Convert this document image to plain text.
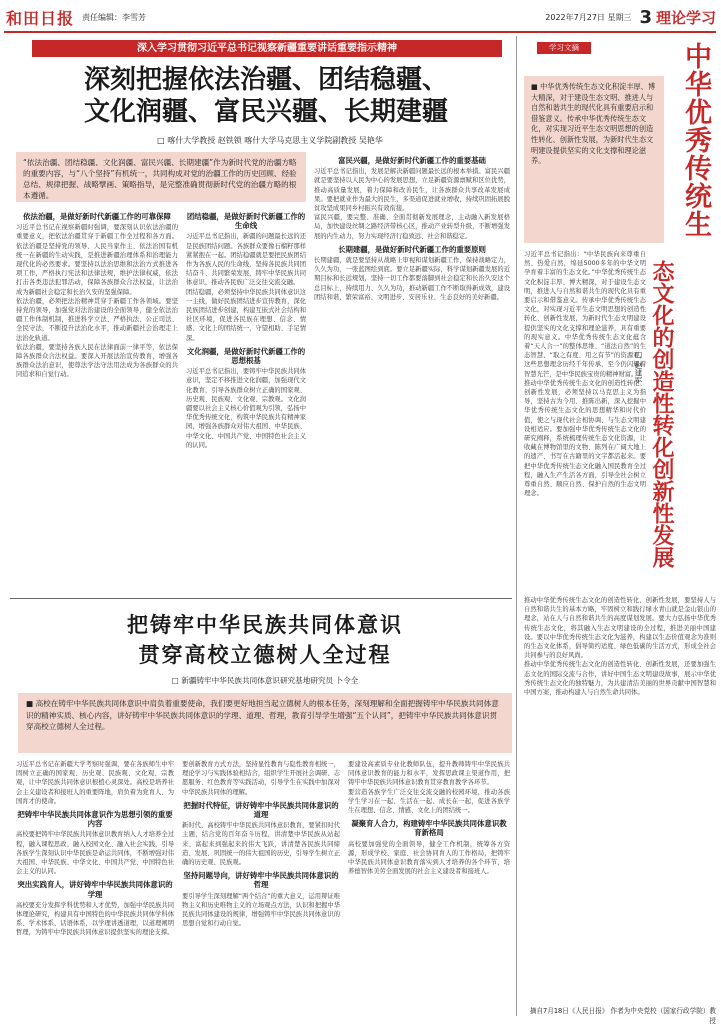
和田日报 责任编辑：李雪芳	2022年7月27日 星期三 3 理论学习
深入学习贯彻习近平总书记视察新疆重要讲话重要指示精神
深刻把握依法治疆、团结稳疆、
文化润疆、富民兴疆、长期建疆
□ 喀什大学教授 赵铁锁 喀什大学马克思主义学院副教授 吴艳华
“依法治疆、团结稳疆、文化润疆、富民兴疆、长期建疆”作为新时代党的治疆方略的重要内容，与“八个坚持”有机统一，共同构成对党的治疆工作的历史回顾、经验总结、规律把握、战略擘画、策略指导，是完整准确贯彻新时代党的治疆方略的根本遵循。
依法治疆，是做好新时代新疆工作的可靠保障

习近平总书记在视察新疆时强调，要深刻认识依法治疆的重要意义，把依法治疆贯穿于新疆工作全过程和各方面。依法治疆是坚持党的领导、人民当家作主、依法治国有机统一在新疆的生动实践，是推进新疆治理体系和治理能力现代化的必然要求。要坚持以法治思维和法治方式推进各项工作，严格执行宪法和法律法规，维护法律权威，依法打击各类违法犯罪活动，保障各族群众合法权益，让法治成为新疆社会稳定和长治久安的坚强保障。

依法治疆，必须把法治精神贯穿于新疆工作各领域。要坚持党的领导，加强党对法治建设的全面领导，健全依法治疆工作体制机制，推进科学立法、严格执法、公正司法、全民守法，不断提升法治化水平，推动新疆社会治理走上法治化轨道。

依法治疆，要坚持各族人民在法律面前一律平等，依法保障各族群众合法权益。要深入开展法治宣传教育，增强各族群众法治意识，使尊法学法守法用法成为各族群众的共同追求和自觉行动。

团结稳疆，是做好新时代新疆工作的生命线

习近平总书记指出，新疆的问题最长远的还是民族团结问题。各族群众要像石榴籽那样紧紧抱在一起。团结稳疆就是要把民族团结作为各族人民的生命线，坚持各民族共同团结奋斗、共同繁荣发展，铸牢中华民族共同体意识，推动各民族广泛交往交流交融。

团结稳疆，必须坚持中华民族共同体意识这一主线，做好民族团结进步宣传教育，深化民族团结进步创建，构建互嵌式社会结构和社区环境，促进各民族在理想、信念、情感、文化上的团结统一，守望相助、手足情深。

文化润疆，是做好新时代新疆工作的思想根基

习近平总书记指出，要铸牢中华民族共同体意识，坚定不移推进文化润疆，加强现代文化教育，引导各族群众树立正确的国家观、历史观、民族观、文化观、宗教观。文化润疆要以社会主义核心价值观为引领，弘扬中华优秀传统文化，构筑中华民族共有精神家园，增强各族群众对伟大祖国、中华民族、中华文化、中国共产党、中国特色社会主义的认同。

富民兴疆，是做好新时代新疆工作的重要基础

习近平总书记指出，发展是解决新疆问题最长远的根本举措。富民兴疆就是要坚持以人民为中心的发展思想，立足新疆资源禀赋和区位优势，推动高质量发展，着力保障和改善民生，让各族群众共享改革发展成果。要把就业作为最大的民生，多渠道促进就业增收，持续巩固拓展脱贫攻坚成果同乡村振兴有效衔接。

富民兴疆，要完整、准确、全面贯彻新发展理念，主动融入新发展格局，加快建设丝绸之路经济带核心区，推动产业转型升级，不断增强发展的内生动力，努力实现经济行稳致远、社会和谐稳定。

长期建疆，是做好新时代新疆工作的重要原则

长期建疆，就是要坚持从战略上审视和谋划新疆工作，保持战略定力，久久为功，一张蓝图绘到底。要立足新疆实际，科学谋划新疆发展的近期目标和长远规划，坚持一切工作都要落脚到社会稳定和长治久安这个总目标上，持续用力、久久为功，推动新疆工作不断取得新成效，建设团结和谐、繁荣富裕、文明进步、安居乐业、生态良好的美好新疆。

学习文摘
■ 中华优秀传统生态文化积淀丰厚、博大精深，对于建设生态文明、推进人与自然和谐共生的现代化具有重要启示和借鉴意义。传承中华优秀传统生态文化，对实现习近平生态文明思想的创造性转化、创新性发展，为新时代生态文明建设提供坚实的文化支撑和理论滋养。	中华优秀传统生
态文化的创造性转化创新性发展
□ 赵建军

习近平总书记指出：“中华民族向来尊重自然、热爱自然，绵延5000多年的中华文明孕育着丰富的生态文化。”中华优秀传统生态文化积淀丰厚、博大精深，对于建设生态文明，推进人与自然和谐共生的现代化具有重要启示和借鉴意义。传承中华优秀传统生态文化，对实现习近平生态文明思想的创造性转化、创新性发展，为新时代生态文明建设提供坚实的文化支撑和理论滋养，具有重要的现实意义。中华优秀传统生态文化蕴含着“天人合一”的整体思维、“道法自然”的生态智慧、“取之有度、用之有节”的资源观，这些思想理念历经千年传承，至今仍闪耀着智慧光芒，是中华民族宝贵的精神财富。

推动中华优秀传统生态文化的创造性转化、创新性发展，必须坚持以马克思主义为指导，坚持古为今用、推陈出新，深入挖掘中华优秀传统生态文化的思想精华和时代价值，使之与现代社会相协调、与生态文明建设相适应。要加强中华优秀传统生态文化的研究阐释，系统梳理传统生态文化资源，让收藏在博物馆里的文物、陈列在广阔大地上的遗产、书写在古籍里的文字都活起来。要把中华优秀传统生态文化融入国民教育全过程，融入生产生活各方面，引导全社会树立尊重自然、顺应自然、保护自然的生态文明理念。

推动中华优秀传统生态文化的创造性转化、创新性发展，要坚持人与自然和谐共生的基本方略，牢固树立和践行绿水青山就是金山银山的理念，站在人与自然和谐共生的高度谋划发展。要大力弘扬中华优秀传统生态文化，将其融入生态文明建设的全过程，推进美丽中国建设。要以中华优秀传统生态文化为滋养，构建以生态价值观念为准则的生态文化体系，倡导简约适度、绿色低碳的生活方式，形成全社会共同参与的良好风尚。

推动中华优秀传统生态文化的创造性转化、创新性发展，还要加强生态文化的国际交流与合作，讲好中国生态文明建设故事，展示中华优秀传统生态文化的独特魅力，为共建清洁美丽的世界贡献中国智慧和中国方案，推动构建人与自然生命共同体。

摘自7月18日《人民日报》 作者为中央党校（国家行政学院）教授
把铸牢中华民族共同体意识
贯穿高校立德树人全过程
□ 新疆铸牢中华民族共同体意识研究基地研究员 卜令全
■ 高校在铸牢中华民族共同体意识中肩负着重要使命，我们要更好地担当起立德树人的根本任务，深刻理解和全面把握铸牢中华民族共同体意识的精神实质、核心内容，讲好铸牢中华民族共同体意识的学理、道理、哲理，教育引导学生增强“五个认同”，把铸牢中华民族共同体意识贯穿高校立德树人全过程。

习近平总书记在新疆大学考察时强调，要在各族师生中牢固树立正确的国家观、历史观、民族观、文化观、宗教观，让中华民族共同体意识根植心灵深处。高校是培养社会主义建设者和接班人的重要阵地，肩负着为党育人、为国育才的使命。

把铸牢中华民族共同体意识作为思想引领的重要内容

高校要把铸牢中华民族共同体意识教育纳入人才培养全过程，融入课程思政、融入校园文化、融入社会实践，引导各族学生深刻认识中华民族是命运共同体，不断增强对伟大祖国、中华民族、中华文化、中国共产党、中国特色社会主义的认同。

突出实践育人，讲好铸牢中华民族共同体意识的学理

高校要充分发挥学科优势和人才优势，加强中华民族共同体理论研究，构建具有中国特色的中华民族共同体学科体系、学术体系、话语体系，以学理讲透道理，以道理阐明哲理，为铸牢中华民族共同体意识提供坚实的理论支撑。

要创新教育方式方法，坚持显性教育与隐性教育相统一，理论学习与实践体验相结合，组织学生开展社会调研、志愿服务、红色教育等实践活动，引导学生在实践中加深对中华民族共同体的理解。

把握时代特征，讲好铸牢中华民族共同体意识的道理

新时代，高校铸牢中华民族共同体意识教育，要紧扣时代主题，结合党的百年奋斗历程，讲清楚中华民族从站起来、富起来到强起来的伟大飞跃，讲清楚各民族共同缔造、发展、巩固统一的伟大祖国的历史，引导学生树立正确的历史观、民族观。

坚持问题导向，讲好铸牢中华民族共同体意识的哲理

要引导学生深刻理解“两个结合”的重大意义，运用辩证唯物主义和历史唯物主义的立场观点方法，认识和把握中华民族共同体建设的规律，增强铸牢中华民族共同体意识的思想自觉和行动自觉。

要建设高素质专业化教师队伍，提升教师铸牢中华民族共同体意识教育的能力和水平，发挥思政课主渠道作用，把铸牢中华民族共同体意识教育贯穿教育教学各环节。

要营造各族学生广泛交往交流交融的校园环境，推动各族学生学习在一起、生活在一起、成长在一起，促进各族学生在理想、信念、情感、文化上的团结统一。

凝聚育人合力，构建铸牢中华民族共同体意识教育新格局

高校要加强党的全面领导，健全工作机制，统筹各方资源，形成学校、家庭、社会协同育人的工作格局，把铸牢中华民族共同体意识教育落实到人才培养的各个环节，培养德智体美劳全面发展的社会主义建设者和接班人。
